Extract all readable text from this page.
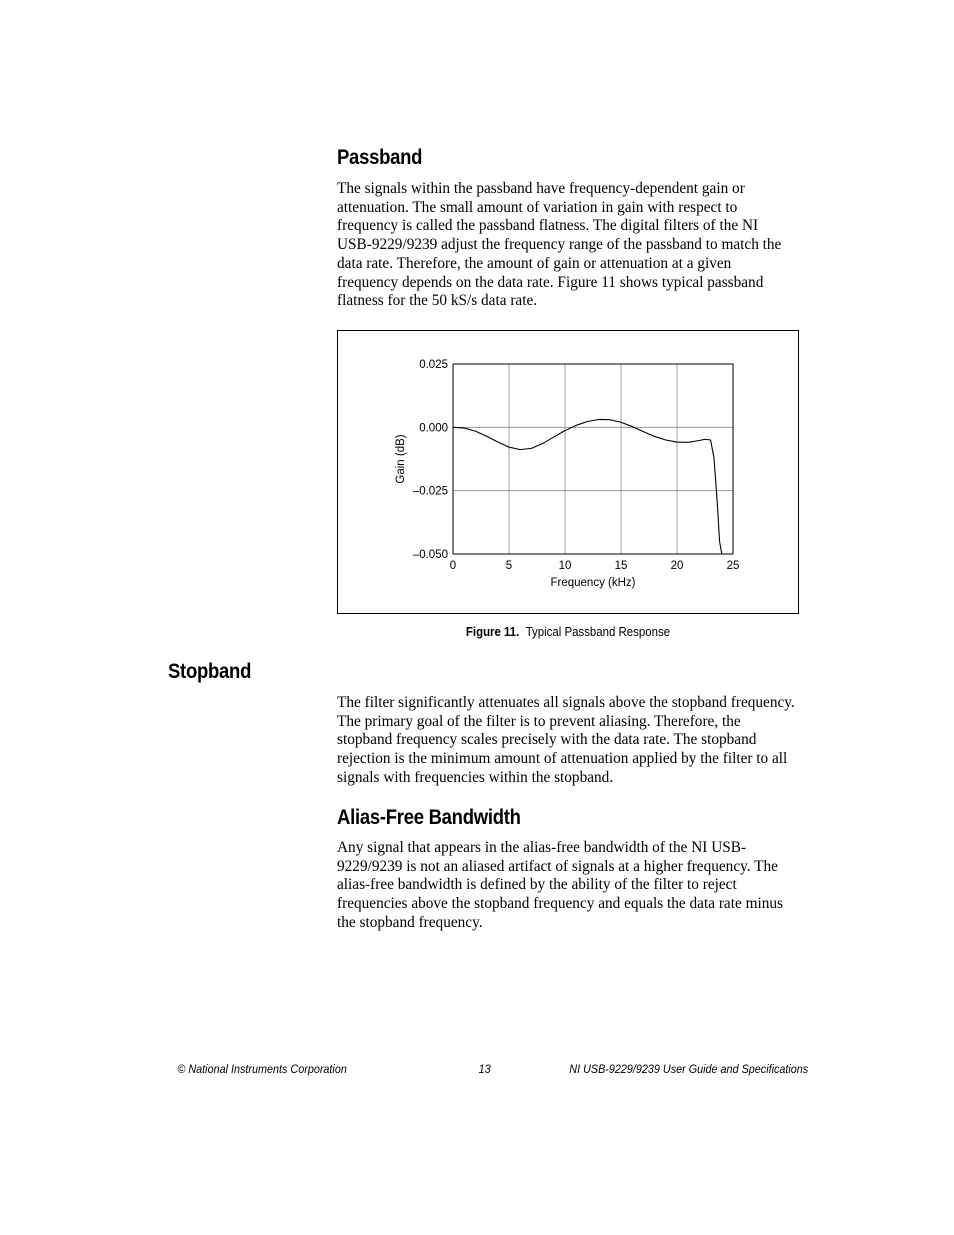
Passband

The signals within the passband have frequency-dependent gain or attenuation. The small amount of variation in gain with respect to frequency is called the passband flatness. The digital filters of the NI USB-9229/9239 adjust the frequency range of the passband to match the data rate. Therefore, the amount of gain or attenuation at a given frequency depends on the data rate. Figure 11 shows typical passband flatness for the 50 kS/s data rate.

0	5	10	15	20	25
0.025
0.000
–0.025
–0.050
Frequency (kHz)
Gain (dB)
Figure 11. Typical Passband Response
Stopband

The filter significantly attenuates all signals above the stopband frequency. The primary goal of the filter is to prevent aliasing. Therefore, the stopband frequency scales precisely with the data rate. The stopband rejection is the minimum amount of attenuation applied by the filter to all signals with frequencies within the stopband.

Alias-Free Bandwidth

Any signal that appears in the alias-free bandwidth of the NI USB-9229/9239 is not an aliased artifact of signals at a higher frequency. The alias-free bandwidth is defined by the ability of the filter to reject frequencies above the stopband frequency and equals the data rate minus the stopband frequency.

© National Instruments Corporation	13	NI USB-9229/9239 User Guide and Specifications
